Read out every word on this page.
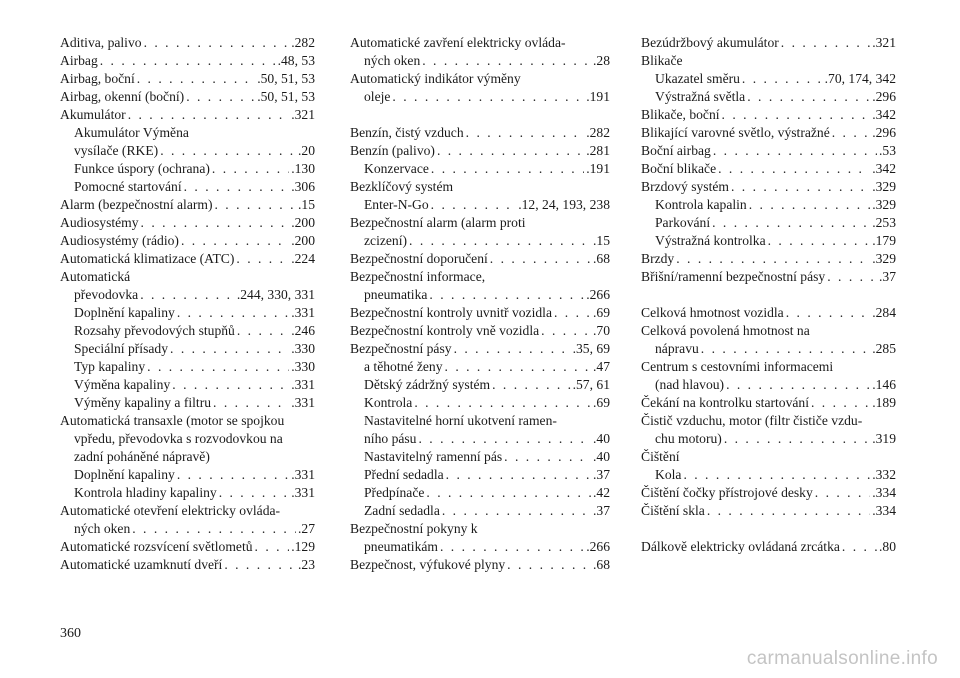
Aditiva, palivo . . .	.282
Airbag . . .	.48, 53
Airbag, boční . . .	.50, 51, 53
Airbag, okenní (boční) . . .	.50, 51, 53
Akumulátor . . .	.321
Akumulátor Výměna
vysílače (RKE) . . .	.20
Funkce úspory (ochrana) . . .	.130
Pomocné startování . . .	.306
Alarm (bezpečnostní alarm) . . .	.15
Audiosystémy . . .	.200
Audiosystémy (rádio) . . .	.200
Automatická klimatizace (ATC) . . .	.224
Automatická
převodovka . . .	.244, 330, 331
Doplnění kapaliny . . .	.331
Rozsahy převodových stupňů . . .	.246
Speciální přísady . . .	.330
Typ kapaliny . . .	.330
Výměna kapaliny . . .	.331
Výměny kapaliny a filtru . . .	.331
Automatická transaxle (motor se spojkou
vpředu, převodovka s rozvodovkou na
zadní poháněné nápravě)
Doplnění kapaliny . . .	.331
Kontrola hladiny kapaliny . . .	.331
Automatické otevření elektricky ovláda-
ných oken . . .	.27
Automatické rozsvícení světlometů . . .	.129
Automatické uzamknutí dveří . . .	.23
Automatické zavření elektricky ovláda-
ných oken . . .	.28
Automatický indikátor výměny
oleje . . .	.191
Benzín, čistý vzduch . . .	.282
Benzín (palivo) . . .	.281
Konzervace . . .	.191
Bezklíčový systém
Enter-N-Go . . .	.12, 24, 193, 238
Bezpečnostní alarm (alarm proti
zcizení) . . .	.15
Bezpečnostní doporučení . . .	.68
Bezpečnostní informace,
pneumatika . . .	.266
Bezpečnostní kontroly uvnitř vozidla . . .	.69
Bezpečnostní kontroly vně vozidla . . .	.70
Bezpečnostní pásy . . .	.35, 69
a těhotné ženy . . .	.47
Dětský zádržný systém . . .	.57, 61
Kontrola . . .	.69
Nastavitelné horní ukotvení ramen-
ního pásu . . .	.40
Nastavitelný ramenní pás . . .	.40
Přední sedadla . . .	.37
Předpínače . . .	.42
Zadní sedadla . . .	.37
Bezpečnostní pokyny k
pneumatikám . . .	.266
Bezpečnost, výfukové plyny . . .	.68
Bezúdržbový akumulátor . . .	.321
Blikače
Ukazatel směru . . .	.70, 174, 342
Výstražná světla . . .	.296
Blikače, boční . . .	.342
Blikající varovné světlo, výstražné . . .	.296
Boční airbag . . .	.53
Boční blikače . . .	.342
Brzdový systém . . .	.329
Kontrola kapalin . . .	.329
Parkování . . .	.253
Výstražná kontrolka . . .	.179
Brzdy . . .	.329
Břišní/ramenní bezpečnostní pásy . . .	.37
Celková hmotnost vozidla . . .	.284
Celková povolená hmotnost na
nápravu . . .	.285
Centrum s cestovními informacemi
(nad hlavou) . . .	.146
Čekání na kontrolku startování . . .	.189
Čistič vzduchu, motor (filtr čističe vzdu-
chu motoru) . . .	.319
Čištění
Kola . . .	.332
Čištění čočky přístrojové desky . . .	.334
Čištění skla . . .	.334
Dálkově elektricky ovládaná zrcátka . . .	.80
360
carmanualsonline.info
